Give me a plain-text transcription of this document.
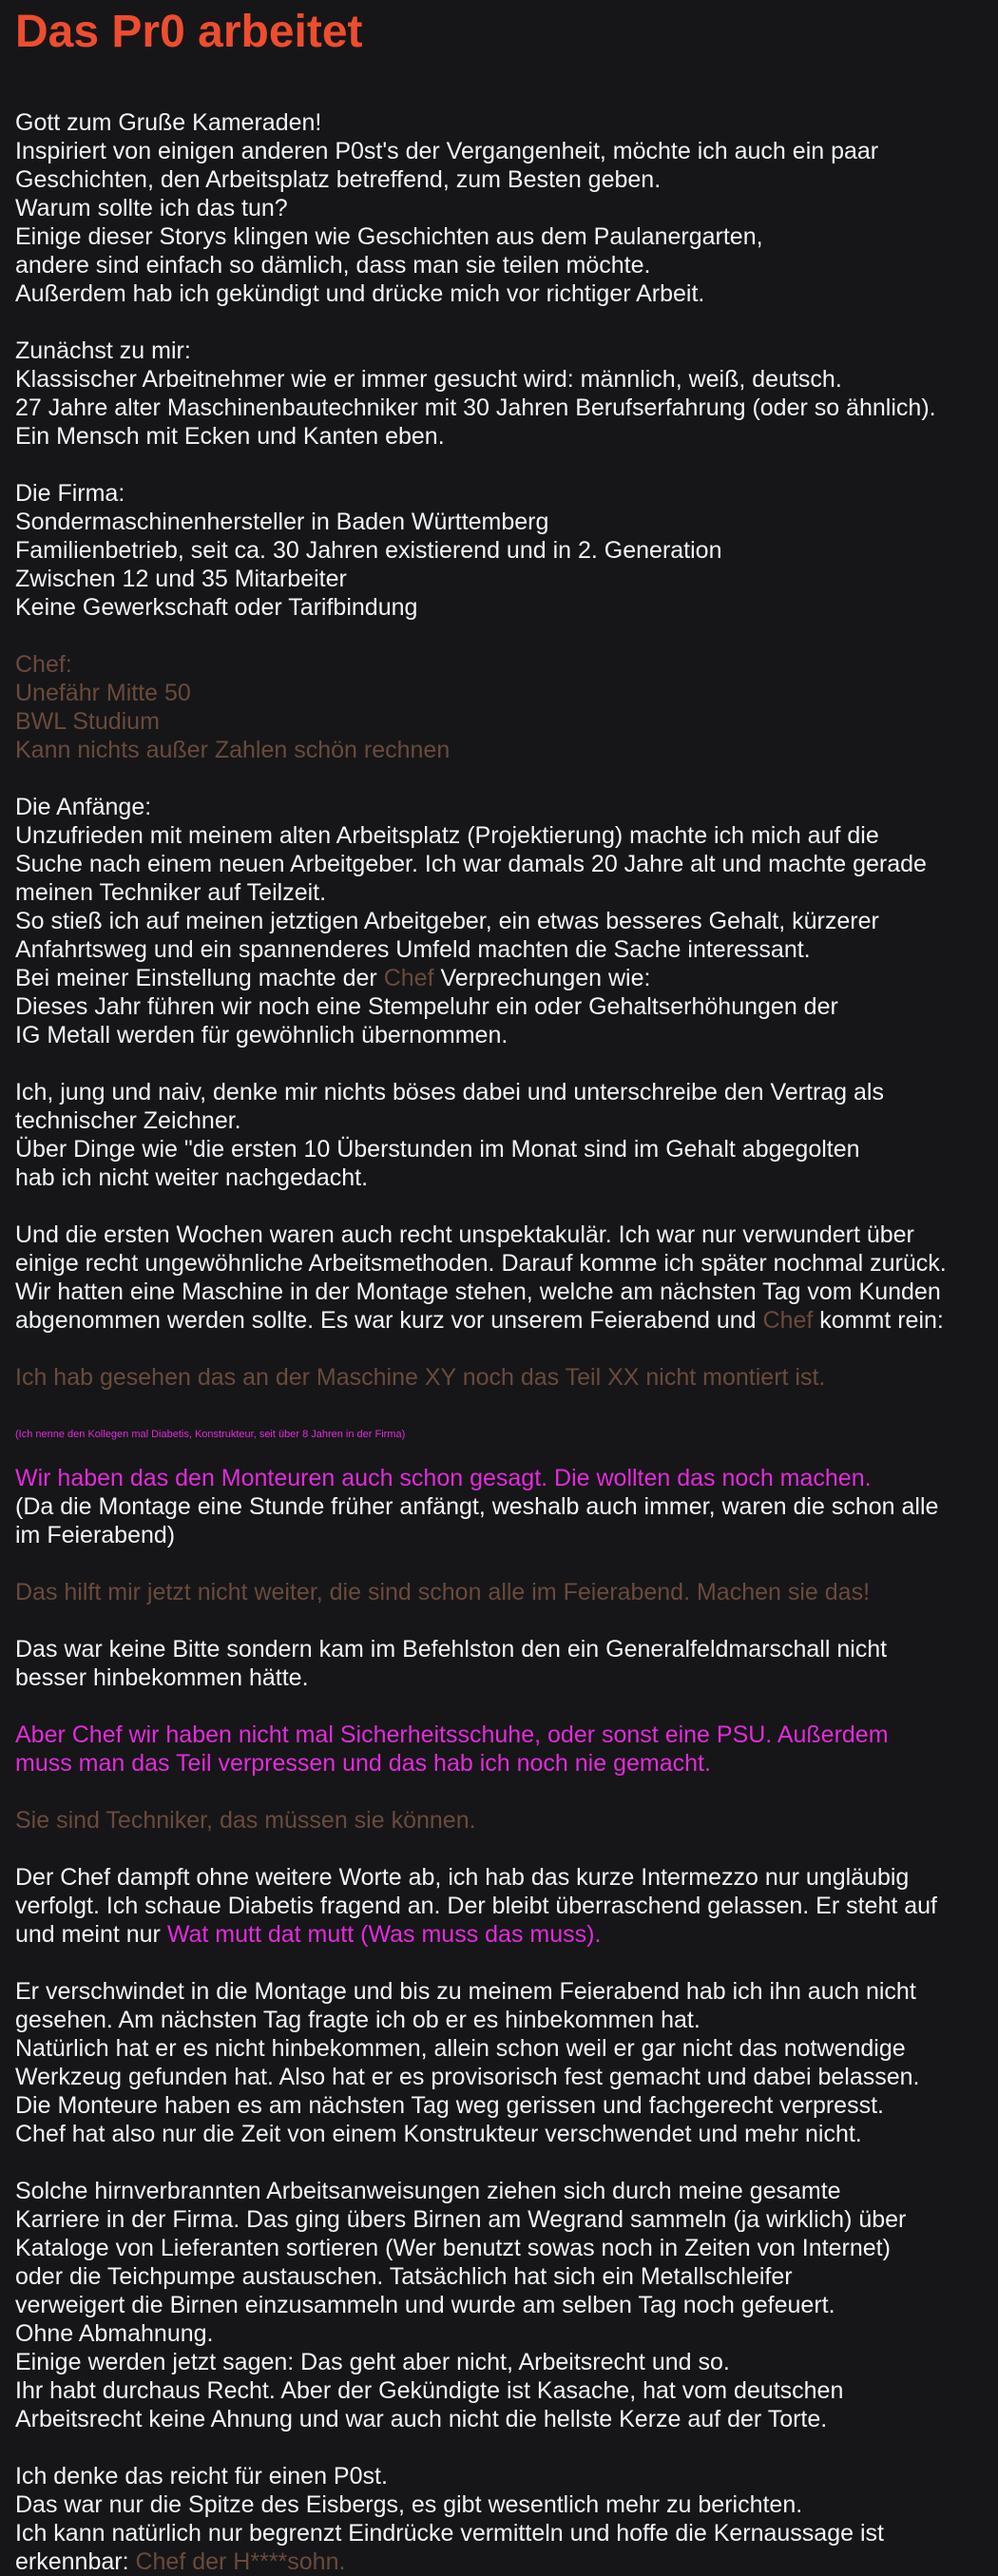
Das Pr0 arbeitet
Gott zum Gruße Kameraden!
Inspiriert von einigen anderen P0st's der Vergangenheit, möchte ich auch ein paar
Geschichten, den Arbeitsplatz betreffend, zum Besten geben.
Warum sollte ich das tun?
Einige dieser Storys klingen wie Geschichten aus dem Paulanergarten,
andere sind einfach so dämlich, dass man sie teilen möchte.
Außerdem hab ich gekündigt und drücke mich vor richtiger Arbeit.
Zunächst zu mir:
Klassischer Arbeitnehmer wie er immer gesucht wird: männlich, weiß, deutsch.
27 Jahre alter Maschinenbautechniker mit 30 Jahren Berufserfahrung (oder so ähnlich).
Ein Mensch mit Ecken und Kanten eben.
Die Firma:
Sondermaschinenhersteller in Baden Württemberg
Familienbetrieb, seit ca. 30 Jahren existierend und in 2. Generation
Zwischen 12 und 35 Mitarbeiter
Keine Gewerkschaft oder Tarifbindung
Chef:
Unefähr Mitte 50
BWL Studium
Kann nichts außer Zahlen schön rechnen
Die Anfänge:
Unzufrieden mit meinem alten Arbeitsplatz (Projektierung) machte ich mich auf die
Suche nach einem neuen Arbeitgeber. Ich war damals 20 Jahre alt und machte gerade
meinen Techniker auf Teilzeit.
So stieß ich auf meinen jetztigen Arbeitgeber, ein etwas besseres Gehalt, kürzerer
Anfahrtsweg und ein spannenderes Umfeld machten die Sache interessant.
Bei meiner Einstellung machte der Chef Verprechungen wie:
Dieses Jahr führen wir noch eine Stempeluhr ein oder Gehaltserhöhungen der
IG Metall werden für gewöhnlich übernommen.
Ich, jung und naiv, denke mir nichts böses dabei und unterschreibe den Vertrag als
technischer Zeichner.
Über Dinge wie "die ersten 10 Überstunden im Monat sind im Gehalt abgegolten
hab ich nicht weiter nachgedacht.
Und die ersten Wochen waren auch recht unspektakulär. Ich war nur verwundert über
einige recht ungewöhnliche Arbeitsmethoden. Darauf komme ich später nochmal zurück.
Wir hatten eine Maschine in der Montage stehen, welche am nächsten Tag vom Kunden
abgenommen werden sollte. Es war kurz vor unserem Feierabend und Chef kommt rein:
Ich hab gesehen das an der Maschine XY noch das Teil XX nicht montiert ist.
(Ich nenne den Kollegen mal Diabetis, Konstrukteur, seit über 8 Jahren in der Firma)
Wir haben das den Monteuren auch schon gesagt. Die wollten das noch machen.
(Da die Montage eine Stunde früher anfängt, weshalb auch immer, waren die schon alle
im Feierabend)
Das hilft mir jetzt nicht weiter, die sind schon alle im Feierabend. Machen sie das!
Das war keine Bitte sondern kam im Befehlston den ein Generalfeldmarschall nicht
besser hinbekommen hätte.
Aber Chef wir haben nicht mal Sicherheitsschuhe, oder sonst eine PSU. Außerdem
muss man das Teil verpressen und das hab ich noch nie gemacht.
Sie sind Techniker, das müssen sie können.
Der Chef dampft ohne weitere Worte ab, ich hab das kurze Intermezzo nur ungläubig
verfolgt. Ich schaue Diabetis fragend an. Der bleibt überraschend gelassen. Er steht auf
und meint nur Wat mutt dat mutt (Was muss das muss).
Er verschwindet in die Montage und bis zu meinem Feierabend hab ich ihn auch nicht
gesehen. Am nächsten Tag fragte ich ob er es hinbekommen hat.
Natürlich hat er es nicht hinbekommen, allein schon weil er gar nicht das notwendige
Werkzeug gefunden hat. Also hat er es provisorisch fest gemacht und dabei belassen.
Die Monteure haben es am nächsten Tag weg gerissen und fachgerecht verpresst.
Chef hat also nur die Zeit von einem Konstrukteur verschwendet und mehr nicht.
Solche hirnverbrannten Arbeitsanweisungen ziehen sich durch meine gesamte
Karriere in der Firma. Das ging übers Birnen am Wegrand sammeln (ja wirklich) über
Kataloge von Lieferanten sortieren (Wer benutzt sowas noch in Zeiten von Internet)
oder die Teichpumpe austauschen. Tatsächlich hat sich ein Metallschleifer
verweigert die Birnen einzusammeln und wurde am selben Tag noch gefeuert.
Ohne Abmahnung.
Einige werden jetzt sagen: Das geht aber nicht, Arbeitsrecht und so.
Ihr habt durchaus Recht. Aber der Gekündigte ist Kasache, hat vom deutschen
Arbeitsrecht keine Ahnung und war auch nicht die hellste Kerze auf der Torte.
Ich denke das reicht für einen P0st.
Das war nur die Spitze des Eisbergs, es gibt wesentlich mehr zu berichten.
Ich kann natürlich nur begrenzt Eindrücke vermitteln und hoffe die Kernaussage ist
erkennbar: Chef der H****sohn.
